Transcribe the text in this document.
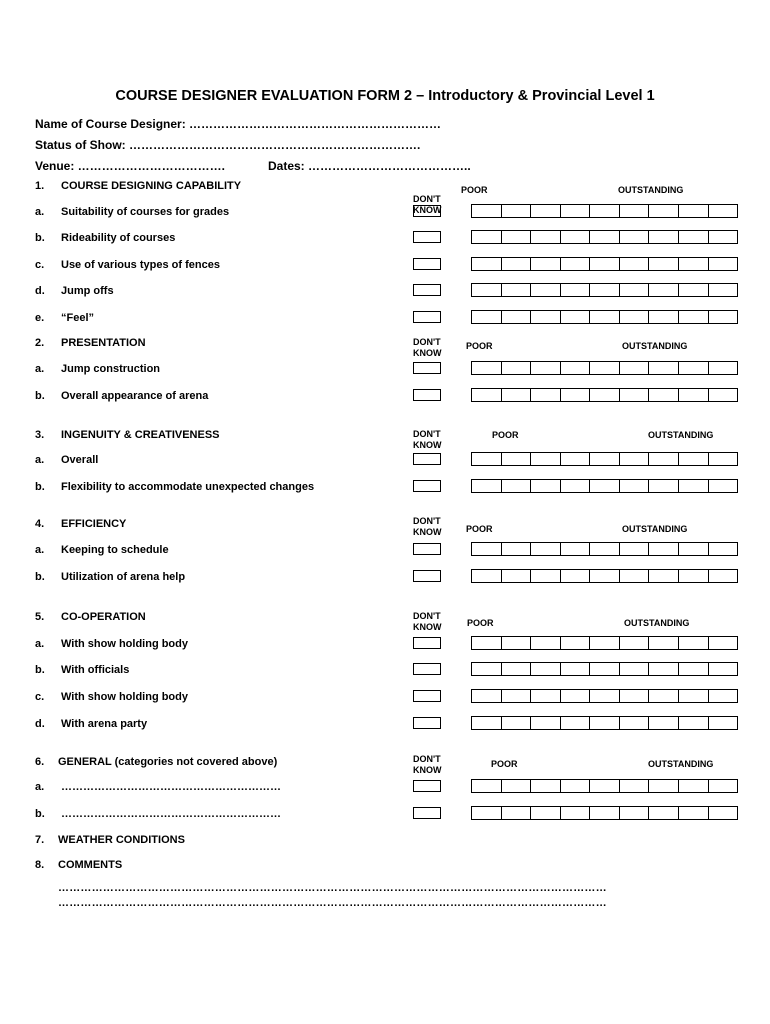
COURSE DESIGNER EVALUATION FORM 2 – Introductory & Provincial Level 1
Name of Course Designer: ………………………………………………………
Status of Show: ……………………………………………………………….
Venue: ……………………………….	Dates: …………………………………..
1. COURSE DESIGNING CAPABILITY
DON'T
KNOW
POOR	OUTSTANDING
a. Suitability of courses for grades
b. Rideability of courses
c. Use of various types of fences
d. Jump offs
e. “Feel”
2. PRESENTATION	DON'T
KNOW
POOR	OUTSTANDING
a. Jump construction
b. Overall appearance of arena
3. INGENUITY & CREATIVENESS	DON'T
KNOW
POOR	OUTSTANDING
a. Overall
b. Flexibility to accommodate unexpected changes
4. EFFICIENCY	DON'T
KNOW	POOR	OUTSTANDING
a. Keeping to schedule
b. Utilization of arena help
5. CO-OPERATION	DON'T
KNOW	POOR	OUTSTANDING
a. With show holding body
b. With officials
c. With show holding body
d. With arena party
6. GENERAL (categories not covered above)	DON'T
KNOW
POOR	OUTSTANDING
a. ……………………………………………………
b. ……………………………………………………
7. WEATHER CONDITIONS
8. COMMENTS
…………………………………………………………………………………………………………………………………
…………………………………………………………………………………………………………………………………
